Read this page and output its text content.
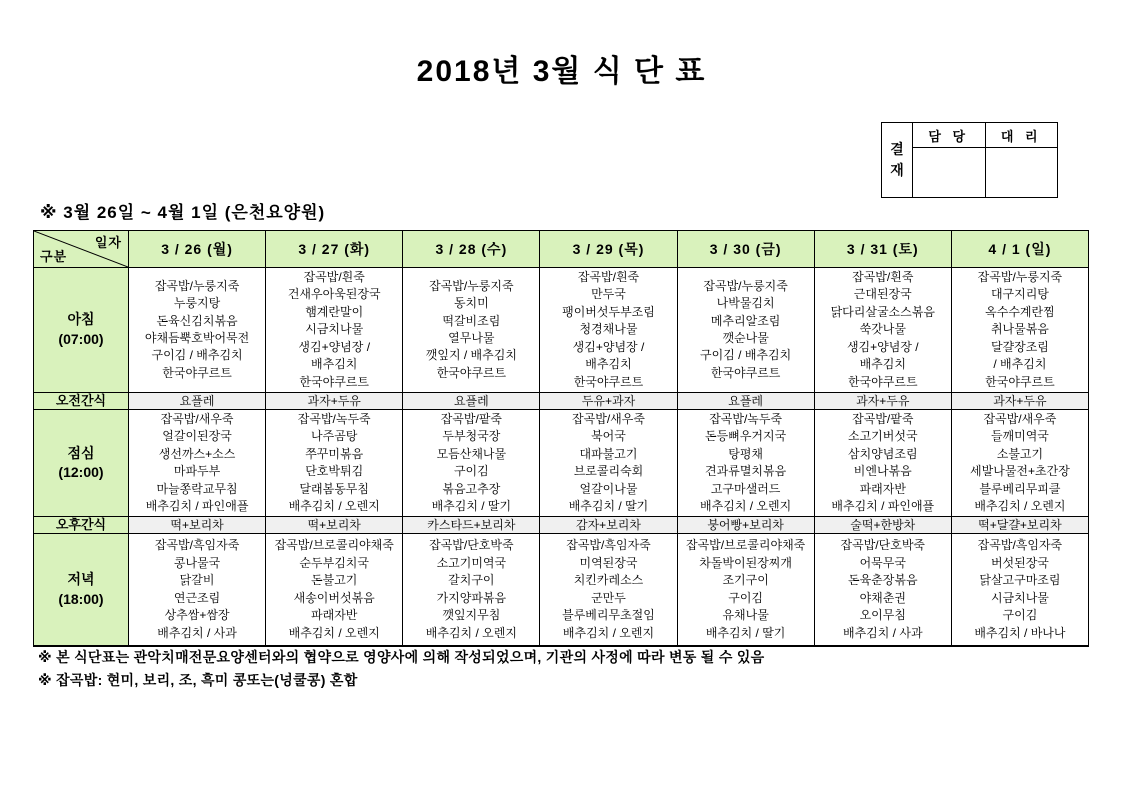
2018년 3월 식 단 표
결재
담 당	대 리
※ 3월 26일 ~ 4월 1일 (은천요양원)
일자
구분	3 / 26 (월)	3 / 27 (화)	3 / 28 (수)	3 / 29 (목)	3 / 30 (금)	3 / 31 (토)	4 / 1 (일)

아침
(07:00)

잡곡밥/누룽지죽
누룽지탕
돈육신김치볶음
야채듬뿍호박어묵전
구이김 / 배추김치
한국야쿠르트

잡곡밥/흰죽
건새우아욱된장국
햄계란말이
시금치나물
생김+양념장 /
배추김치
한국야쿠르트

잡곡밥/누룽지죽
동치미
떡갈비조림
열무나물
깻잎지 / 배추김치
한국야쿠르트

잡곡밥/흰죽
만두국
팽이버섯두부조림
청경채나물
생김+양념장 /
배추김치
한국야쿠르트

잡곡밥/누룽지죽
나박물김치
메추리알조림
깻순나물
구이김 / 배추김치
한국야쿠르트

잡곡밥/흰죽
근대된장국
닭다리살굴소스볶음
쑥갓나물
생김+양념장 /
배추김치
한국야쿠르트

잡곡밥/누룽지죽
대구지리탕
옥수수계란찜
취나물볶음
달걀장조림
/ 배추김치
한국야쿠르트

오전간식	요플레	과자+두유	요플레	두유+과자	요플레	과자+두유	과자+두유

점심
(12:00)

잡곡밥/새우죽
얼갈이된장국
생선까스+소스
마파두부
마늘쫑락교무침
배추김치 / 파인애플

잡곡밥/녹두죽
나주곰탕
쭈꾸미볶음
단호박튀김
달래봄동무침
배추김치 / 오렌지

잡곡밥/팥죽
두부청국장
모듬산채나물
구이김
볶음고추장
배추김치 / 딸기

잡곡밥/새우죽
북어국
대파불고기
브로콜리숙회
얼갈이나물
배추김치 / 딸기

잡곡밥/녹두죽
돈등뼈우거지국
탕평채
견과류멸치볶음
고구마샐러드
배추김치 / 오렌지

잡곡밥/팥죽
소고기버섯국
삼치양념조림
비엔나볶음
파래자반
배추김치 / 파인애플

잡곡밥/새우죽
들깨미역국
소불고기
세발나물전+초간장
블루베리무피클
배추김치 / 오렌지

오후간식	떡+보리차	떡+보리차	카스타드+보리차	감자+보리차	붕어빵+보리차	술떡+한방차	떡+달걀+보리차

저녁
(18:00)

잡곡밥/흑임자죽
콩나물국
닭갈비
연근조림
상추쌈+쌈장
배추김치 / 사과

잡곡밥/브로콜리야채죽
순두부김치국
돈불고기
새송이버섯볶음
파래자반
배추김치 / 오렌지

잡곡밥/단호박죽
소고기미역국
갈치구이
가지양파볶음
깻잎지무침
배추김치 / 오렌지

잡곡밥/흑임자죽
미역된장국
치킨카레소스
군만두
블루베리무초절임
배추김치 / 오렌지

잡곡밥/브로콜리야채죽
차돌박이된장찌개
조기구이
구이김
유채나물
배추김치 / 딸기

잡곡밥/단호박죽
어묵무국
돈육춘장볶음
야채춘권
오이무침
배추김치 / 사과

잡곡밥/흑임자죽
버섯된장국
닭살고구마조림
시금치나물
구이김
배추김치 / 바나나
※ 본 식단표는 관악치매전문요양센터와의 협약으로 영양사에 의해 작성되었으며, 기관의 사정에 따라 변동 될 수 있음
※ 잡곡밥: 현미, 보리, 조, 흑미 콩또는(넝쿨콩) 혼합
